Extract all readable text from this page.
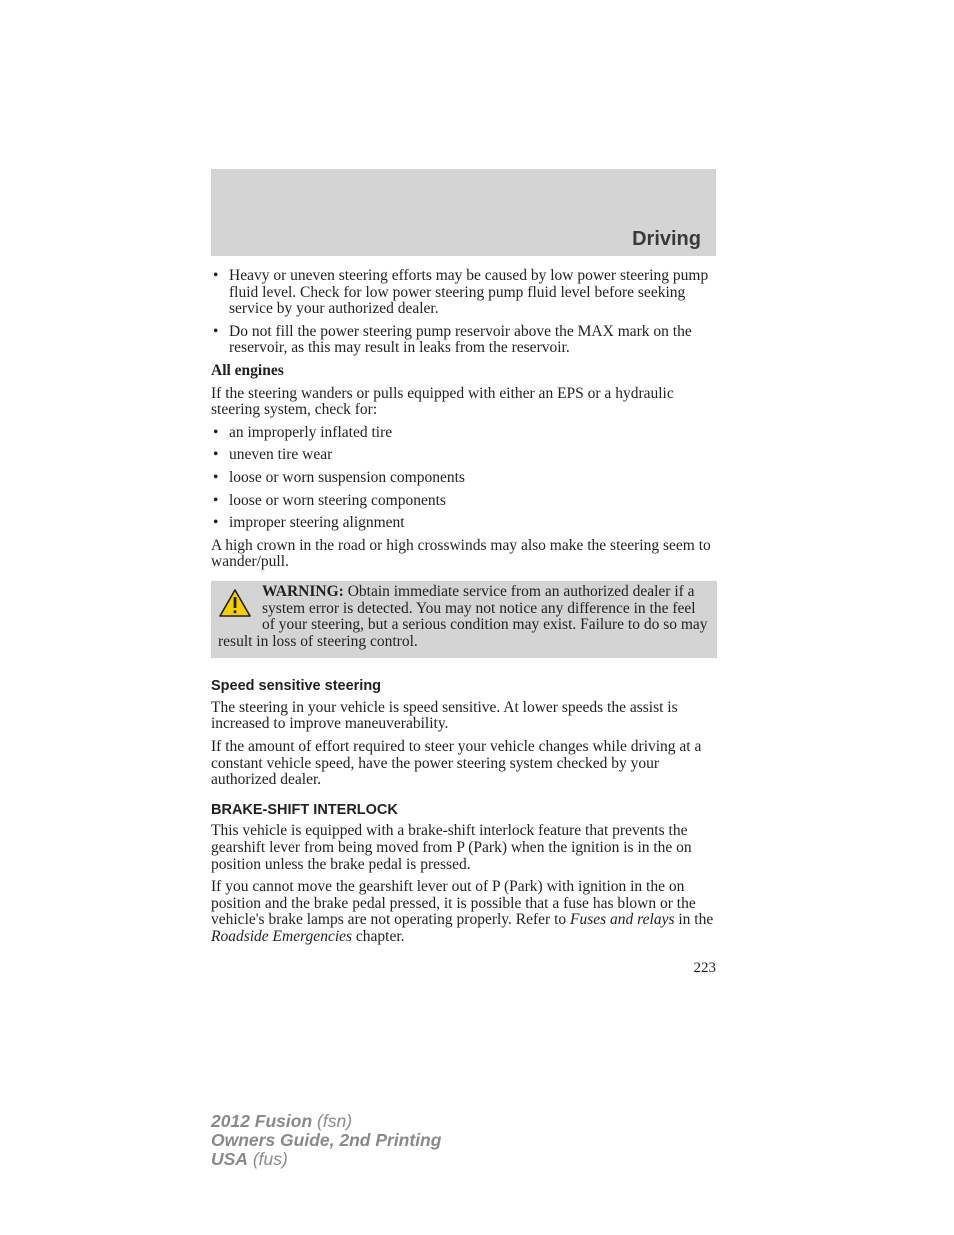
Driving
• Heavy or uneven steering efforts may be caused by low power steering pump fluid level. Check for low power steering pump fluid level before seeking service by your authorized dealer.
• Do not fill the power steering pump reservoir above the MAX mark on the reservoir, as this may result in leaks from the reservoir.

All engines

If the steering wanders or pulls equipped with either an EPS or a hydraulic steering system, check for:

• an improperly inflated tire
• uneven tire wear
• loose or worn suspension components
• loose or worn steering components
• improper steering alignment

A high crown in the road or high crosswinds may also make the steering seem to wander/pull.

WARNING: Obtain immediate service from an authorized dealer if a system error is detected. You may not notice any difference in the feel of your steering, but a serious condition may exist. Failure to do so may result in loss of steering control.
Speed sensitive steering

The steering in your vehicle is speed sensitive. At lower speeds the assist is increased to improve maneuverability.

If the amount of effort required to steer your vehicle changes while driving at a constant vehicle speed, have the power steering system checked by your authorized dealer.

BRAKE-SHIFT INTERLOCK

This vehicle is equipped with a brake-shift interlock feature that prevents the gearshift lever from being moved from P (Park) when the ignition is in the on position unless the brake pedal is pressed.

If you cannot move the gearshift lever out of P (Park) with ignition in the on position and the brake pedal pressed, it is possible that a fuse has blown or the vehicle's brake lamps are not operating properly. Refer to Fuses and relays in the Roadside Emergencies chapter.

223
2012 Fusion (fsn)
Owners Guide, 2nd Printing
USA (fus)
